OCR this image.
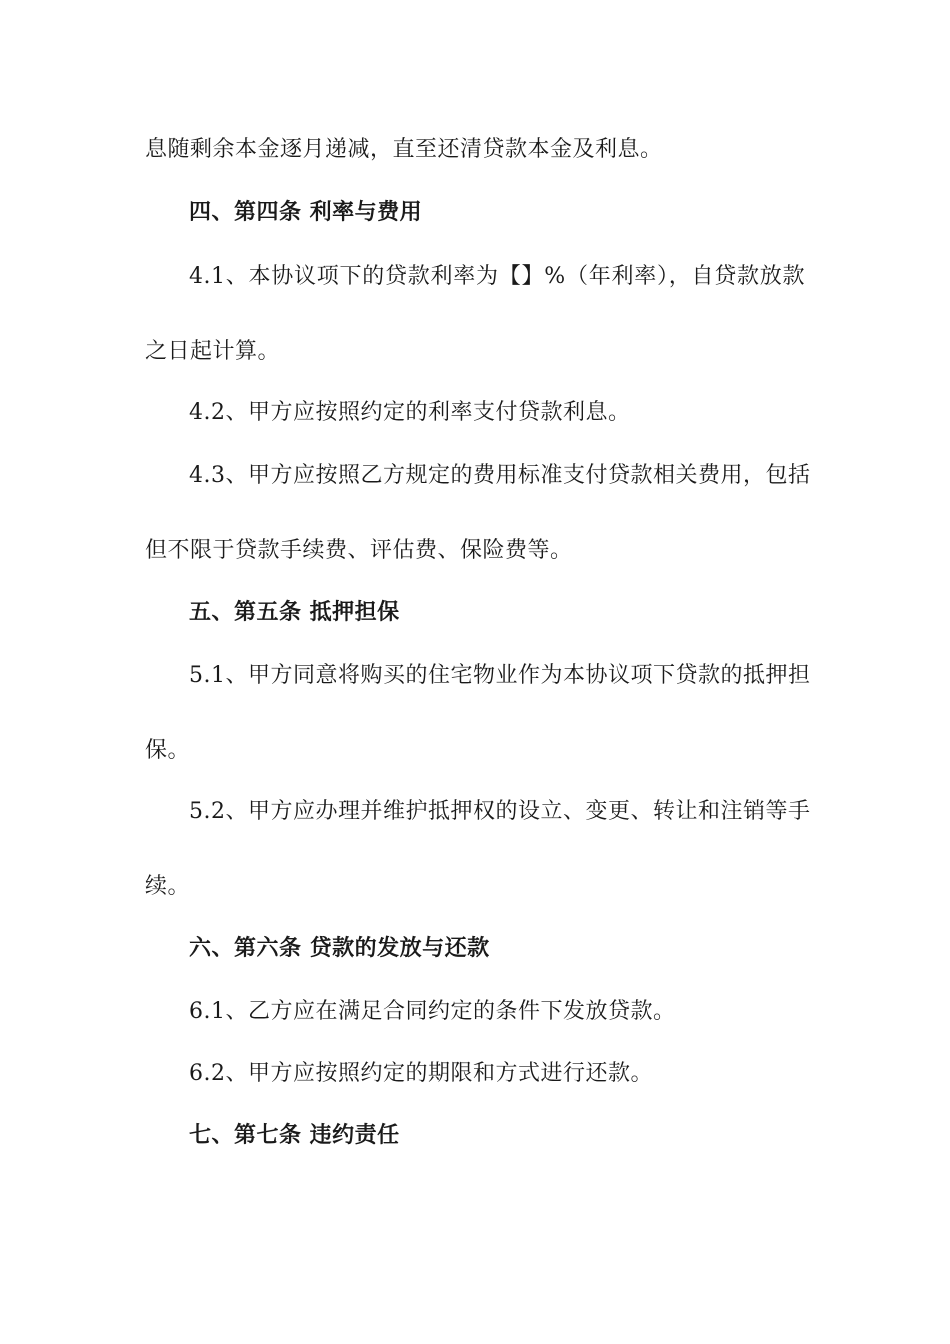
息随剩余本金逐月递减，直至还清贷款本金及利息。
四、第四条 利率与费用
4.1、本协议项下的贷款利率为【】%（年利率），自贷款放款
之日起计算。
4.2、甲方应按照约定的利率支付贷款利息。
4.3、甲方应按照乙方规定的费用标准支付贷款相关费用，包括
但不限于贷款手续费、评估费、保险费等。
五、第五条 抵押担保
5.1、甲方同意将购买的住宅物业作为本协议项下贷款的抵押担
保。
5.2、甲方应办理并维护抵押权的设立、变更、转让和注销等手
续。
六、第六条 贷款的发放与还款
6.1、乙方应在满足合同约定的条件下发放贷款。
6.2、甲方应按照约定的期限和方式进行还款。
七、第七条 违约责任
